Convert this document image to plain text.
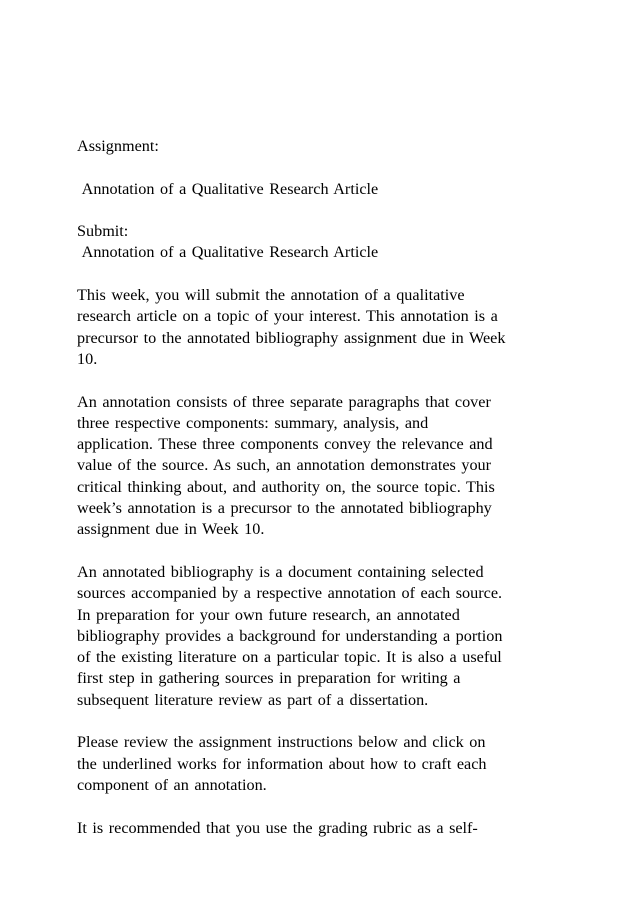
Assignment:
Annotation of a Qualitative Research Article
Submit:
Annotation of a Qualitative Research Article
This week, you will submit the annotation of a qualitative
research article on a topic of your interest. This annotation is a
precursor to the annotated bibliography assignment due in Week
10.
An annotation consists of three separate paragraphs that cover
three respective components: summary, analysis, and
application. These three components convey the relevance and
value of the source. As such, an annotation demonstrates your
critical thinking about, and authority on, the source topic. This
week’s annotation is a precursor to the annotated bibliography
assignment due in Week 10.
An annotated bibliography is a document containing selected
sources accompanied by a respective annotation of each source.
In preparation for your own future research, an annotated
bibliography provides a background for understanding a portion
of the existing literature on a particular topic. It is also a useful
first step in gathering sources in preparation for writing a
subsequent literature review as part of a dissertation.
Please review the assignment instructions below and click on
the underlined works for information about how to craft each
component of an annotation.
It is recommended that you use the grading rubric as a self-
